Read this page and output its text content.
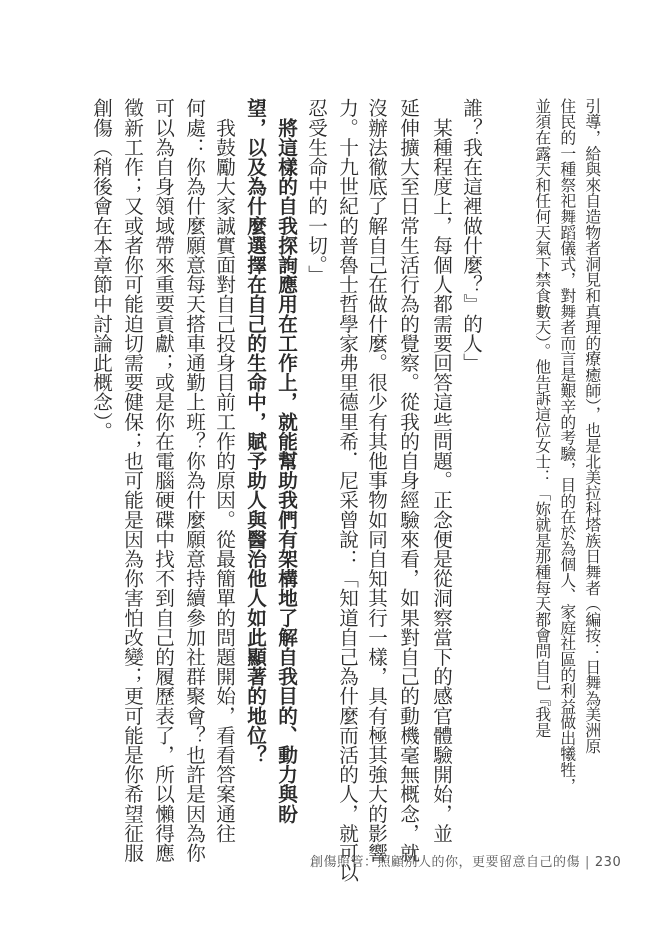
引導，給與來自造物者洞見和真理的療癒師），也是北美拉科塔族日舞者（編按：日舞為美洲原

住民的一種祭祀舞蹈儀式，對舞者而言是艱辛的考驗，目的在於為個人、家庭社區的利益做出犧牲，

並須在露天和任何天氣下禁食數天）。他告訴這位女士：「妳就是那種每天都會問自己『我是

誰？我在這裡做什麼？』的人」

　某種程度上，每個人都需要回答這些問題。正念便是從洞察當下的感官體驗開始，並

延伸擴大至日常生活行為的覺察。從我的自身經驗來看，如果對自己的動機毫無概念，就

沒辦法徹底了解自己在做什麼。很少有其他事物如同自知其行一樣，具有極其強大的影響

力。十九世紀的普魯士哲學家弗里德里希．尼采曾說：「知道自己為什麼而活的人，就可以

忍受生命中的一切。」

　將這樣的自我探詢應用在工作上，就能幫助我們有架構地了解自我目的、動力與盼

望，以及為什麼選擇在自己的生命中，賦予助人與醫治他人如此顯著的地位？

　我鼓勵大家誠實面對自己投身目前工作的原因。從最簡單的問題開始，看看答案通往

何處：你為什麼願意每天搭車通勤上班？你為什麼願意持續參加社群聚會？也許是因為你

可以為自身領域帶來重要貢獻；或是你在電腦硬碟中找不到自己的履歷表了，所以懶得應

徵新工作；又或者你可能迫切需要健保；也可能是因為你害怕改變；更可能是你希望征服

創傷（稍後會在本章節中討論此概念）。

創傷照管：照顧別人的你，更要留意自己的傷 | 230
